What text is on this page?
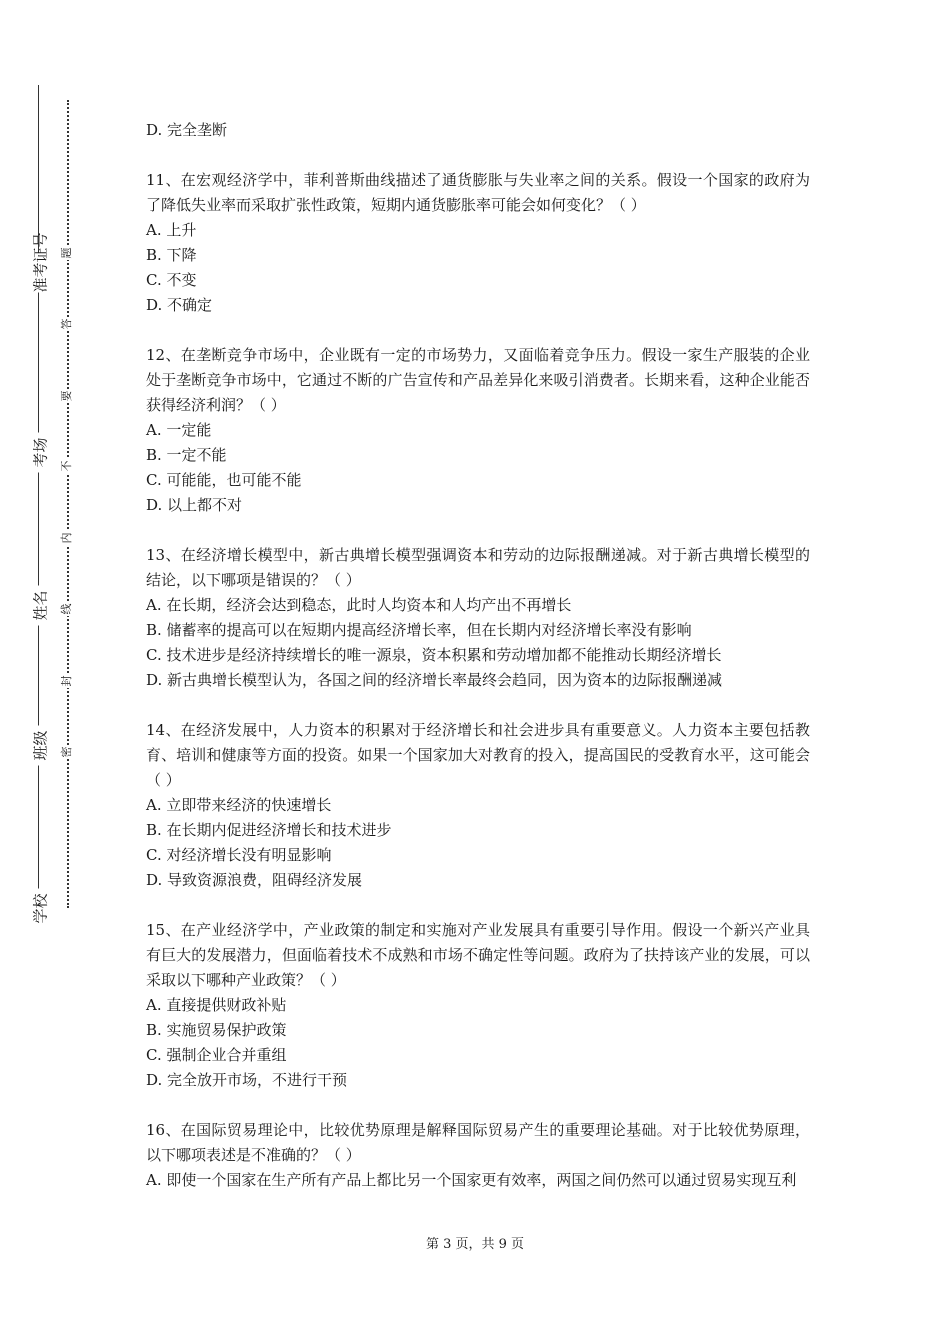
准考证号
考场
姓名
班级
学校
题
答
要
不
内
线
封
密

D. 完全垄断

11、在宏观经济学中，菲利普斯曲线描述了通货膨胀与失业率之间的关系。假设一个国家的政府为了降低失业率而采取扩张性政策，短期内通货膨胀率可能会如何变化？（ ）

A. 上升

B. 下降

C. 不变

D. 不确定

12、在垄断竞争市场中，企业既有一定的市场势力，又面临着竞争压力。假设一家生产服装的企业处于垄断竞争市场中，它通过不断的广告宣传和产品差异化来吸引消费者。长期来看，这种企业能否获得经济利润？（ ）

A. 一定能

B. 一定不能

C. 可能能，也可能不能

D. 以上都不对

13、在经济增长模型中，新古典增长模型强调资本和劳动的边际报酬递减。对于新古典增长模型的结论，以下哪项是错误的？（ ）

A. 在长期，经济会达到稳态，此时人均资本和人均产出不再增长

B. 储蓄率的提高可以在短期内提高经济增长率，但在长期内对经济增长率没有影响

C. 技术进步是经济持续增长的唯一源泉，资本积累和劳动增加都不能推动长期经济增长

D. 新古典增长模型认为，各国之间的经济增长率最终会趋同，因为资本的边际报酬递减

14、在经济发展中，人力资本的积累对于经济增长和社会进步具有重要意义。人力资本主要包括教育、培训和健康等方面的投资。如果一个国家加大对教育的投入，提高国民的受教育水平，这可能会（ ）

A. 立即带来经济的快速增长

B. 在长期内促进经济增长和技术进步

C. 对经济增长没有明显影响

D. 导致资源浪费，阻碍经济发展

15、在产业经济学中，产业政策的制定和实施对产业发展具有重要引导作用。假设一个新兴产业具有巨大的发展潜力，但面临着技术不成熟和市场不确定性等问题。政府为了扶持该产业的发展，可以采取以下哪种产业政策？（ ）

A. 直接提供财政补贴

B. 实施贸易保护政策

C. 强制企业合并重组

D. 完全放开市场，不进行干预

16、在国际贸易理论中，比较优势原理是解释国际贸易产生的重要理论基础。对于比较优势原理，以下哪项表述是不准确的？（ ）

A. 即使一个国家在生产所有产品上都比另一个国家更有效率，两国之间仍然可以通过贸易实现互利

第 3 页，共 9 页
